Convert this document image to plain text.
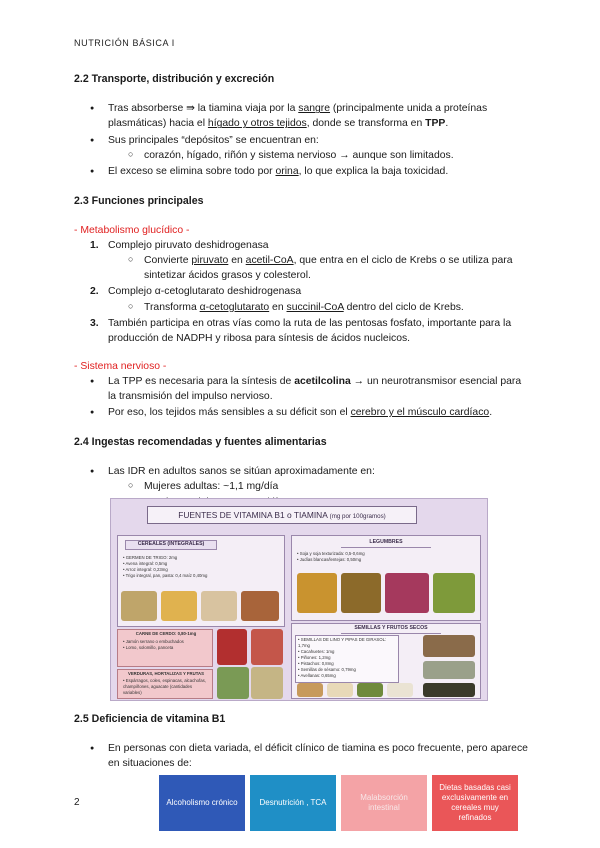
NUTRICIÓN BÁSICA I
2.2 Transporte, distribución y excreción
● Tras absorberse ⇛ la tiamina viaja por la sangre (principalmente unida a proteínas plasmáticas) hacia el hígado y otros tejidos, donde se transforma en TPP.
● Sus principales “depósitos” se encuentran en:
○ corazón, hígado, riñón y sistema nervioso → aunque son limitados.
● El exceso se elimina sobre todo por orina, lo que explica la baja toxicidad.
2.3 Funciones principales
- Metabolismo glucídico -
1. Complejo piruvato deshidrogenasa
○ Convierte piruvato en acetil-CoA, que entra en el ciclo de Krebs o se utiliza para sintetizar ácidos grasos y colesterol.
2. Complejo α-cetoglutarato deshidrogenasa
○ Transforma α-cetoglutarato en succinil-CoA dentro del ciclo de Krebs.
3. También participa en otras vías como la ruta de las pentosas fosfato, importante para la producción de NADPH y ribosa para síntesis de ácidos nucleicos.
- Sistema nervioso -
● La TPP es necesaria para la síntesis de acetilcolina → un neurotransmisor esencial para la transmisión del impulso nervioso.
● Por eso, los tejidos más sensibles a su déficit son el cerebro y el músculo cardíaco.
2.4 Ingestas recomendadas y fuentes alimentarias
● Las IDR en adultos sanos se sitúan aproximadamente en:
○ Mujeres adultas: ~1,1 mg/día
○
FUENTES DE VITAMINA B1 o TIAMINA (mg por 100gramos)
CEREALES (INTEGRALES)
• GERMEN DE TRIGO: 2mg
• Avena integral: 0,5mg
• Arroz integral: 0,23mg
• Trigo integral, pan, pasta: 0,4 maíz 0,40mg
LEGUMBRES
• Soja y soja texturizada: 0,5-0,6mg
• Judías blancas/lentejas: 0,50mg
CARNE DE CERDO: 0,80-1mg
• Jamón serrano o embuchados
• Lomo, solomillo, panceta
VERDURAS, HORTALIZAS Y FRUTAS
• Espárragos, coles, espinacas, alcachofas, champiñones, aguacate (cantidades variables)
SEMILLAS Y FRUTOS SECOS
• SEMILLAS DE LINO Y PIPAS DE GIRASOL: 1,7mg
• Cacahuetes: 1mg
• Piñones: 1,2mg
• Pistachos: 0,8mg
• Semillas de sésamo: 0,79mg
• Avellanas: 0,65mg
2.5 Deficiencia de vitamina B1
● En personas con dieta variada, el déficit clínico de tiamina es poco frecuente, pero aparece en situaciones de:
Alcoholismo crónico	Desnutrición , TCA
Malabsorción intestinal
Dietas basadas casi exclusivamente en cereales muy refinados
2
